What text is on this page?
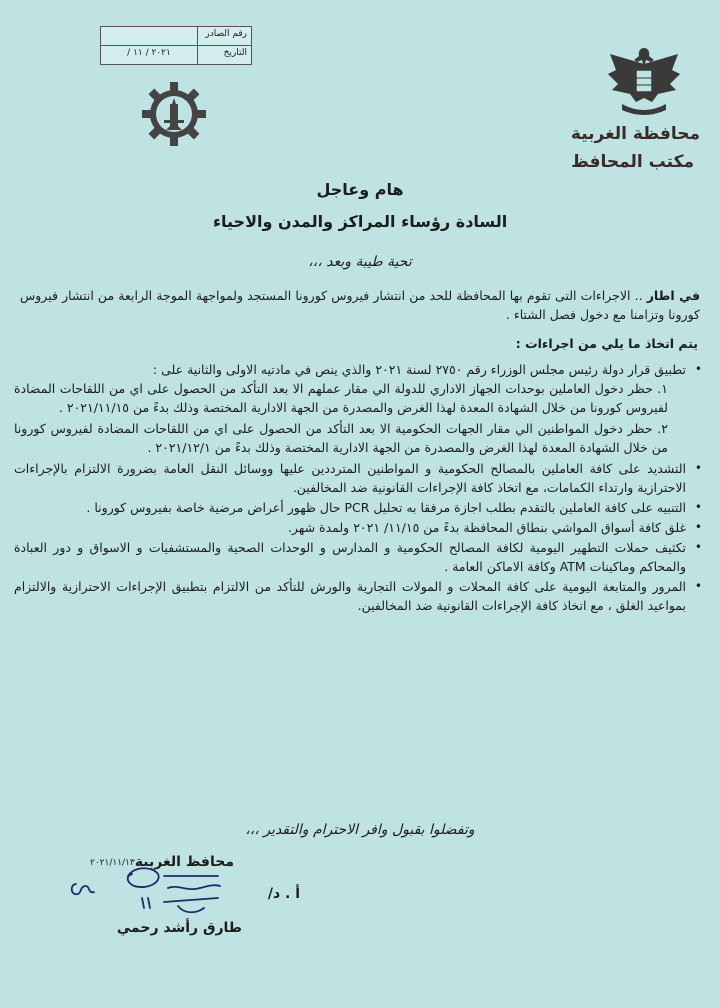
رقم الصادر
التاريخ
٢٠٢١ / ١١ /
محافظة الغربية
مكتب المحافظ
هام وعاجل
السادة رؤساء المراكز والمدن والاحياء
تحية طيبة وبعد ،،،
في اطار .. الاجراءات التى تقوم بها المحافظة للحد من انتشار فيروس كورونا المستجد ولمواجهة الموجة الرابعة من انتشار فيروس كورونا وتزامنا مع دخول فصل الشتاء .
يتم اتخاذ ما يلي من اجراءات :
•
تطبيق قرار دولة رئيس مجلس الوزراء رقم ٢٧٥٠ لسنة ٢٠٢١ والذي ينص في مادتيه الاولى والثانية على :
١. حظر دخول العاملين بوحدات الجهاز الاداري للدولة الي مقار عملهم الا بعد التأكد من الحصول على اي من اللقاحات المضادة لفيروس كورونا من خلال الشهادة المعدة لهذا الغرض والمصدرة من الجهة الادارية المختصة وذلك بدءً من ٢٠٢١/١١/١٥ .
٢. حظر دخول المواطنين الي مقار الجهات الحكومية الا بعد التأكد من الحصول على اي من اللقاحات المضادة لفيروس كورونا من خلال الشهادة المعدة لهذا الغرض والمصدرة من الجهة الادارية المختصة وذلك بدءً من ٢٠٢١/١٢/١ .
•
التشديد على كافة العاملين بالمصالح الحكومية و المواطنين المترددين عليها ووسائل النقل العامة بضرورة الالتزام بالإجراءات الاحترازية وارتداء الكمامات، مع اتخاذ كافة الإجراءات القانونية ضد المخالفين.
•
التنبيه على كافة العاملين بالتقدم بطلب اجازة مرفقا به تحليل PCR حال ظهور أعراض مرضية خاصة بفيروس كورونا .
•
غلق كافة أسواق المواشي بنطاق المحافظة بدءً من ١١/١٥/ ٢٠٢١ ولمدة شهر.
•
تكثيف حملات التطهير اليومية لكافة المصالح الحكومية و المدارس و الوحدات الصحية والمستشفيات و الاسواق و دور العبادة والمحاكم وماكينات ATM وكافة الاماكن العامة .
•
المرور والمتابعة اليومية على كافة المحلات و المولات التجارية والورش للتأكد من الالتزام بتطبيق الإجراءات الاحترازية والالتزام بمواعيد الغلق ، مع اتخاذ كافة الإجراءات القانونية ضد المخالفين.
وتفضلوا بقبول وافر الاحترام والتقدير ،،،
٢٠٢١/١١/١٣ محافظ الغربية
أ . د/
طارق رأشد رحمي
